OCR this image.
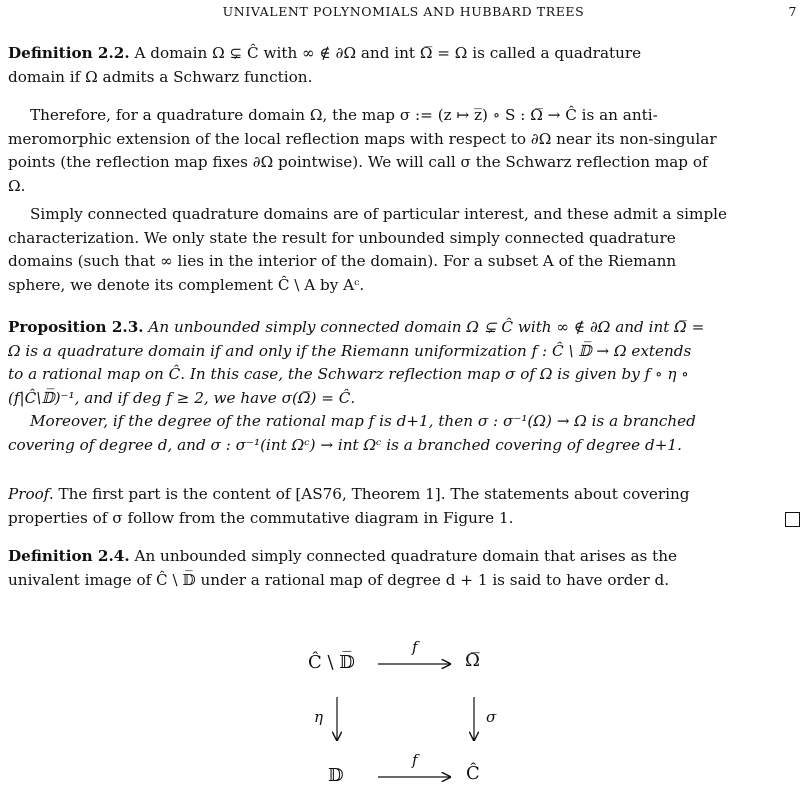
UNIVALENT POLYNOMIALS AND HUBBARD TREES	7
Definition 2.2. A domain Ω ⊊ Ĉ with ∞ ∉ ∂Ω and int Ω̅ = Ω is called a quadrature
domain if Ω admits a Schwarz function.
Therefore, for a quadrature domain Ω, the map σ := (z ↦ z̅) ∘ S : Ω̅ → Ĉ is an anti-
meromorphic extension of the local reflection maps with respect to ∂Ω near its non-singular
points (the reflection map fixes ∂Ω pointwise). We will call σ the Schwarz reflection map of
Ω.
Simply connected quadrature domains are of particular interest, and these admit a simple
characterization. We only state the result for unbounded simply connected quadrature
domains (such that ∞ lies in the interior of the domain). For a subset A of the Riemann
sphere, we denote its complement Ĉ \ A by Aᶜ.
Proposition 2.3. An unbounded simply connected domain Ω ⊊ Ĉ with ∞ ∉ ∂Ω and int Ω̅ =
Ω is a quadrature domain if and only if the Riemann uniformization f : Ĉ \ 𝔻̅ → Ω extends
to a rational map on Ĉ. In this case, the Schwarz reflection map σ of Ω is given by f ∘ η ∘
(f|Ĉ\𝔻̅)⁻¹, and if deg f ≥ 2, we have σ(Ω̅) = Ĉ.
Moreover, if the degree of the rational map f is d+1, then σ : σ⁻¹(Ω) → Ω is a branched
covering of degree d, and σ : σ⁻¹(int Ωᶜ) → int Ωᶜ is a branched covering of degree d+1.
Proof. The first part is the content of [AS76, Theorem 1]. The statements about covering
properties of σ follow from the commutative diagram in Figure 1.
Definition 2.4. An unbounded simply connected quadrature domain that arises as the
univalent image of Ĉ \ 𝔻̅ under a rational map of degree d + 1 is said to have order d.
Ĉ \ 𝔻̅	Ω̅
𝔻	Ĉ
f
f
η	σ
